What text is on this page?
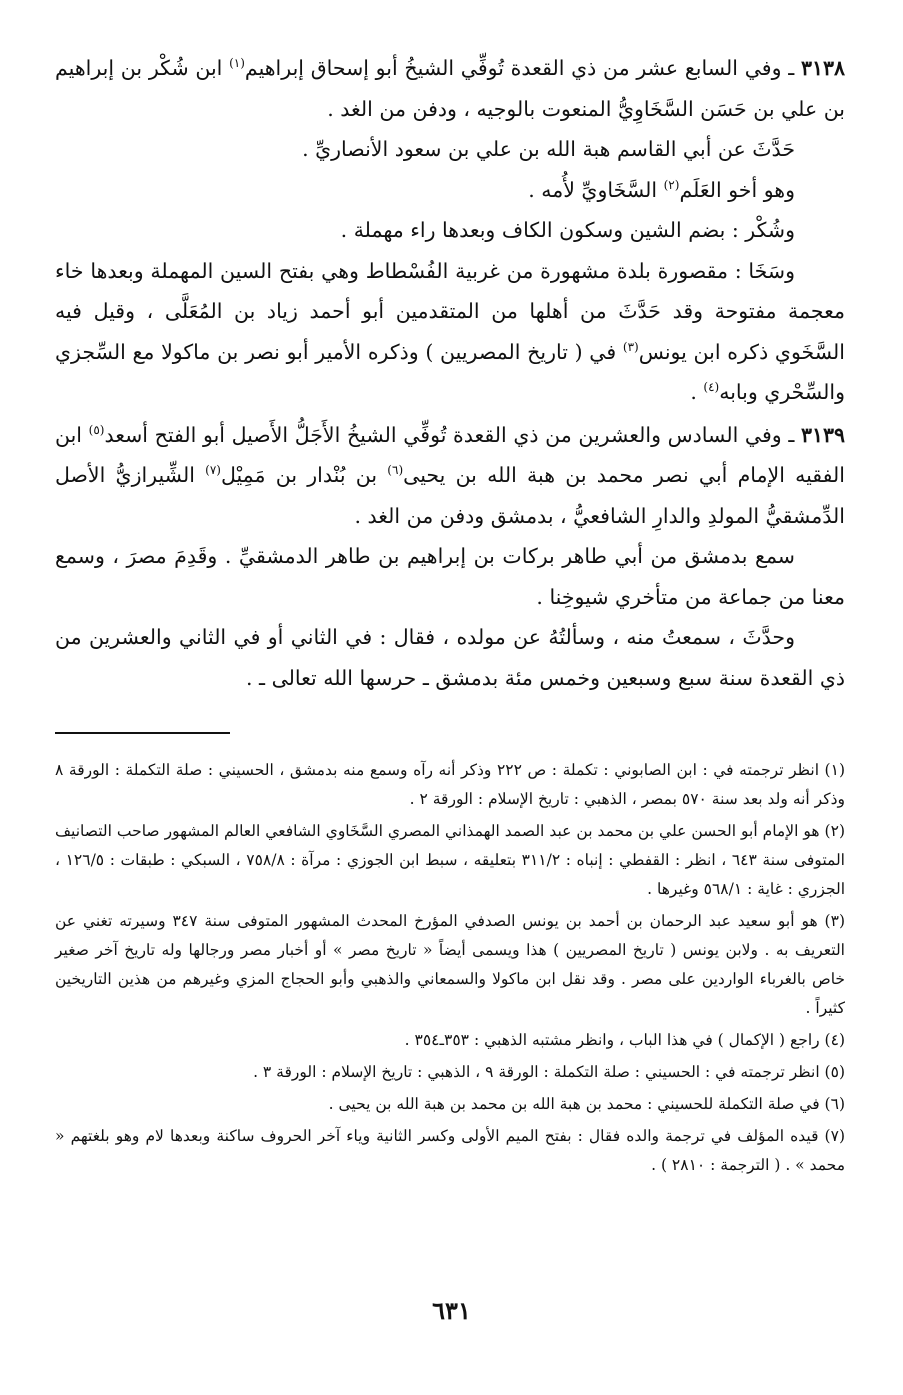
٣١٣٨ ـ وفي السابع عشر من ذي القعدة تُوفِّي الشيخُ أبو إسحاق إبراهيم$^{(١)}$ ابن شُكْر بن إبراهيم بن علي بن حَسَن السَّخَاوِيُّ المنعوت بالوجيه ، ودفن من الغد .

حَدَّثَ عن أبي القاسم هبة الله بن علي بن سعود الأنصاريِّ .

وهو أخو العَلَم$^{(٢)}$ السَّخَاويِّ لأُمه .

وشُكْر : بضم الشين وسكون الكاف وبعدها راء مهملة .

وسَخَا : مقصورة بلدة مشهورة من غربية الفُسْطاط وهي بفتح السين المهملة وبعدها خاء معجمة مفتوحة وقد حَدَّثَ من أهلها من المتقدمين أبو أحمد زياد بن المُعَلَّى ، وقيل فيه السَّخَوي ذكره ابن يونس$^{(٣)}$ في ( تاريخ المصريين ) وذكره الأمير أبو نصر بن ماكولا مع السِّجزي والسِّحْري وبابه$^{(٤)}$ .

٣١٣٩ ـ وفي السادس والعشرين من ذي القعدة تُوفِّي الشيخُ الأَجَلُّ الأَصيل أبو الفتح أسعد$^{(٥)}$ ابن الفقيه الإمام أبي نصر محمد بن هبة الله بن يحيى$^{(٦)}$ بن بُنْدار بن مَمِيْل$^{(٧)}$ الشِّيرازيُّ الأصل الدِّمشقيُّ المولدِ والدارِ الشافعيُّ ، بدمشق ودفن من الغد .

سمع بدمشق من أبي طاهر بركات بن إبراهيم بن طاهر الدمشقيِّ . وقَدِمَ مصرَ ، وسمع معنا من جماعة من متأخري شيوخِنا .

وحدَّثَ ، سمعتُ منه ، وسألتُهُ عن مولده ، فقال : في الثاني أو في الثاني والعشرين من ذي القعدة سنة سبع وسبعين وخمس مئة بدمشق ـ حرسها الله تعالى ـ .

(١) انظر ترجمته في : ابن الصابوني : تكملة : ص ٢٢٢ وذكر أنه رآه وسمع منه بدمشق ، الحسيني : صلة التكملة : الورقة ٨ وذكر أنه ولد بعد سنة ٥٧٠ بمصر ، الذهبي : تاريخ الإسلام : الورقة ٢ .

(٢) هو الإمام أبو الحسن علي بن محمد بن عبد الصمد الهمذاني المصري السَّخَاوي الشافعي العالم المشهور صاحب التصانيف المتوفى سنة ٦٤٣ ، انظر : القفطي : إنباه : ٣١١/٢ بتعليقه ، سبط ابن الجوزي : مرآة : ٧٥٨/٨ ، السبكي : طبقات : ١٢٦/٥ ، الجزري : غاية : ٥٦٨/١ وغيرها .

(٣) هو أبو سعيد عبد الرحمان بن أحمد بن يونس الصدفي المؤرخ المحدث المشهور المتوفى سنة ٣٤٧ وسيرته تغني عن التعريف به . ولابن يونس ( تاريخ المصريين ) هذا ويسمى أيضاً « تاريخ مصر » أو أخبار مصر ورجالها وله تاريخ آخر صغير خاص بالغرباء الواردين على مصر . وقد نقل ابن ماكولا والسمعاني والذهبي وأبو الحجاج المزي وغيرهم من هذين التاريخين كثيراً .

(٤) راجع ( الإكمال ) في هذا الباب ، وانظر مشتبه الذهبي : ٣٥٣ـ٣٥٤ .

(٥) انظر ترجمته في : الحسيني : صلة التكملة : الورقة ٩ ، الذهبي : تاريخ الإسلام : الورقة ٣ .

(٦) في صلة التكملة للحسيني : محمد بن هبة الله بن محمد بن هبة الله بن يحيى .

(٧) قيده المؤلف في ترجمة والده فقال : بفتح الميم الأولى وكسر الثانية وياء آخر الحروف ساكنة وبعدها لام وهو بلغتهم « محمد » . ( الترجمة : ٢٨١٠ ) .

٦٣١
